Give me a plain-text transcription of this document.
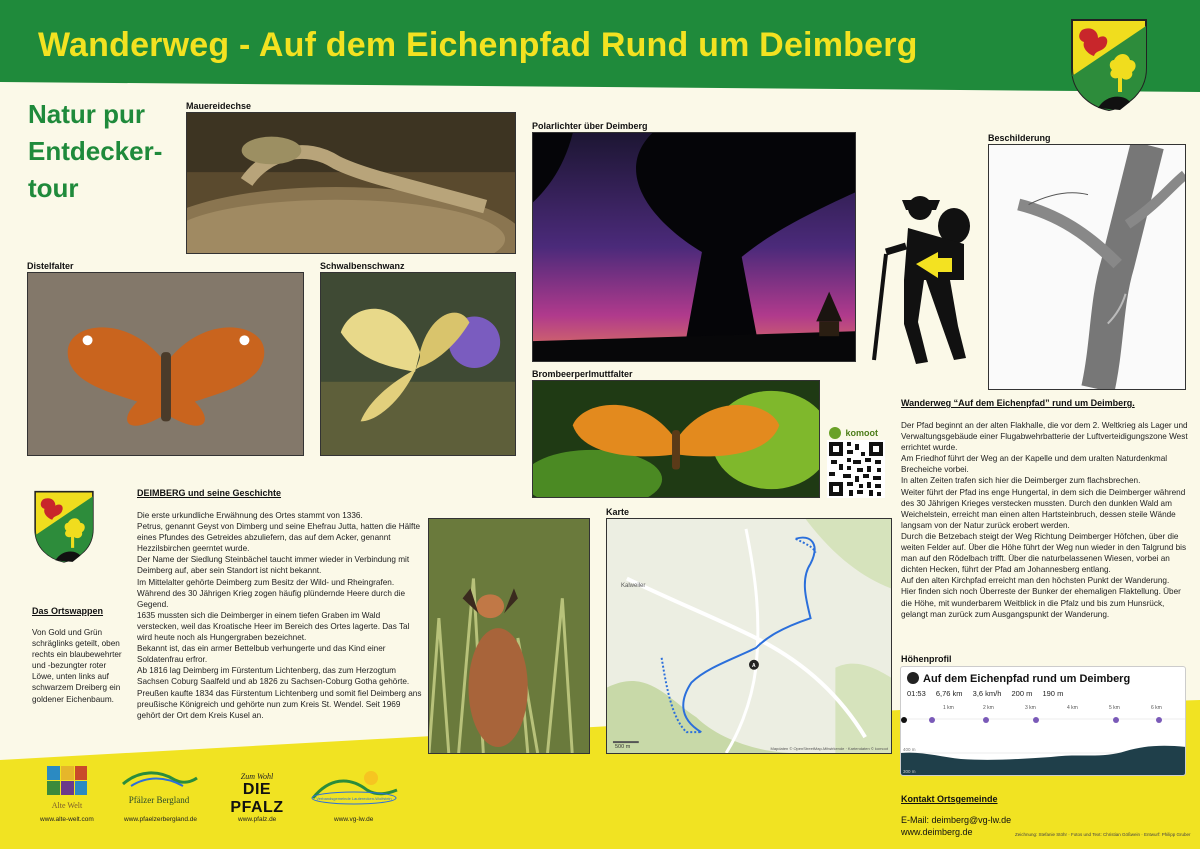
Wanderweg - Auf dem Eichenpfad Rund um Deimberg
Natur pur
Entdecker-
tour
Mauereidechse
Distelfalter	Schwalbenschwanz
Polarlichter über Deimberg
Beschilderung
Brombeerperlmuttfalter
komoot
Das Ortswappen
Von Gold und Grün schräglinks geteilt, oben rechts ein blaubewehrter und -bezungter roter Löwe, unten links auf schwarzem Dreiberg ein goldener Eichenbaum.
DEIMBERG und seine Geschichte

Die erste urkundliche Erwähnung des Ortes stammt von 1336.

Petrus, genannt Geyst von Dimberg und seine Ehefrau Jutta, hatten die Hälfte eines Pfundes des Getreides abzuliefern, das auf dem Acker, genannt Hezzilsbirchen geerntet wurde.

Der Name der Siedlung Steinbächel taucht immer wieder in Verbindung mit Deimberg auf, aber sein Standort ist nicht bekannt.

Im Mittelalter gehörte Deimberg zum Besitz der Wild- und Rheingrafen.

Während des 30 Jährigen Krieg zogen häufig plündernde Heere durch die Gegend.

1635 mussten sich die Deimberger in einem tiefen Graben im Wald verstecken, weil das Kroatische Heer im Bereich des Ortes lagerte. Das Tal wird heute noch als Hungergraben bezeichnet.

Bekannt ist, das ein armer Bettelbub verhungerte und das Kind einer Soldatenfrau erfror.

Ab 1816 lag Deimberg im Fürstentum Lichtenberg, das zum Herzogtum Sachsen Coburg Saalfeld und ab 1826 zu Sachsen-Coburg Gotha gehörte. Preußen kaufte 1834 das Fürstentum Lichtenberg und somit fiel Deimberg ans preußische Königreich und gehörte nun zum Kreis St. Wendel. Seit 1969 gehört der Ort dem Kreis Kusel an.

Karte
Kalweiler
A
500 m	Mapdaten © OpenStreetMap-Mitwirkende · Kartendaten © komoot
Wanderweg “Auf dem Eichenpfad” rund um Deimberg.

Der Pfad beginnt an der alten Flakhalle, die vor dem 2. Weltkrieg als Lager und Verwaltungsgebäude einer Flugabwehrbatterie der Luftverteidigungszone West errichtet wurde.

Am Friedhof führt der Weg an der Kapelle und dem uralten Naturdenkmal Brecheiche vorbei.

In alten Zeiten trafen sich hier die Deimberger zum flachsbrechen.

Weiter führt der Pfad ins enge Hungertal, in dem sich die Deimberger während des 30 Jährigen Krieges verstecken mussten. Durch den dunklen Wald am Weichelstein, erreicht man einen alten Hartsteinbruch, dessen steile Wände langsam von der Natur zurück erobert werden.

Durch die Betzebach steigt der Weg Richtung Deimberger Höfchen, über die weiten Felder auf. Über die Höhe führt der Weg nun wieder in den Talgrund bis man auf den Rödelbach trifft. Über die naturbelassenen Wiesen, vorbei an dichten Hecken, führt der Pfad am Johannesberg entlang.

Auf den alten Kirchpfad erreicht man den höchsten Punkt der Wanderung.

Hier finden sich noch Überreste der Bunker der ehemaligen Flaktellung. Über die Höhe, mit wunderbarem Weitblick in die Pfalz und bis zum Hunsrück, gelangt man zurück zum Ausgangspunkt der Wanderung.

Höhenprofil
Auf dem Eichenpfad rund um Deimberg
01:53 6,76 km 3,6 km/h 200 m 190 m
1 km	2 km	3 km	4 km	5 km	6 km
400 m
300 m
Kontakt Ortsgemeinde
E-Mail: deimberg@vg-lw.de
www.deimberg.de	Zeichnung: Stefanie Stöhr · Fotos und Text: Christian Gößwein · Entwurf: Philipp Gruber
Alte Welt
www.alte-welt.com
Pfälzer Bergland
www.pfaelzerbergland.de
Zum Wohl
DIE PFALZ
www.pfalz.de
Verbandsgemeinde Lauterecken-Wolfstein
www.vg-lw.de
